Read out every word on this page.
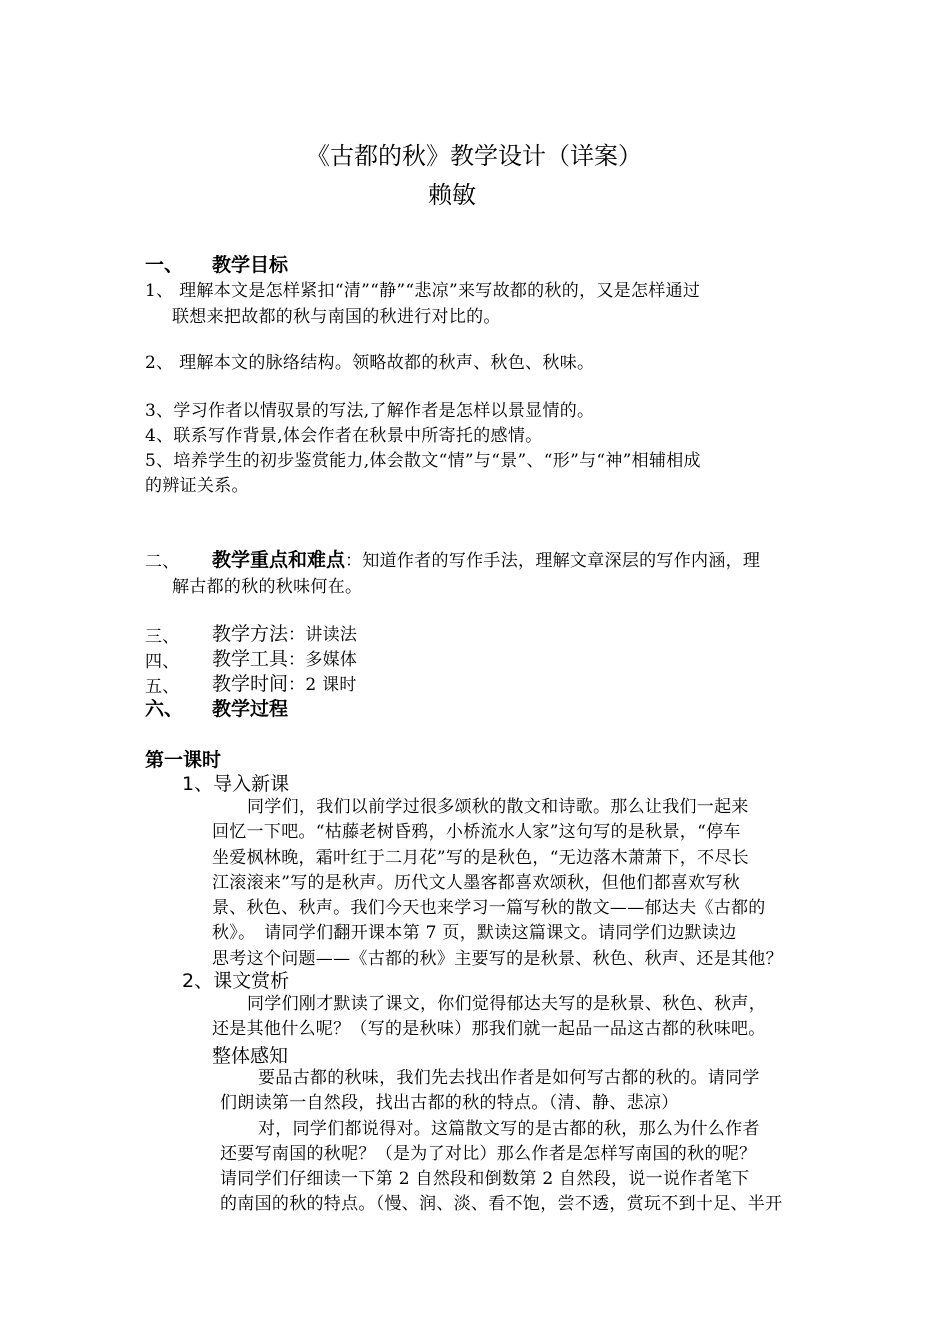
《古都的秋》教学设计（详案）
赖敏
一、 教学目标
1、 理解本文是怎样紧扣“清”“静”“悲凉”来写故都的秋的，又是怎样通过
联想来把故都的秋与南国的秋进行对比的。
2、 理解本文的脉络结构。领略故都的秋声、秋色、秋味。
3、学习作者以情驭景的写法,了解作者是怎样以景显情的。
4、联系写作背景,体会作者在秋景中所寄托的感情。
5、培养学生的初步鉴赏能力,体会散文“情”与“景”、“形”与“神”相辅相成
的辨证关系。
二、 教学重点和难点：知道作者的写作手法，理解文章深层的写作内涵，理
解古都的秋的秋味何在。
三、 教学方法：讲读法
四、 教学工具：多媒体
五、 教学时间：2 课时
六、 教学过程
第一课时
1、导入新课
同学们，我们以前学过很多颂秋的散文和诗歌。那么让我们一起来
回忆一下吧。“枯藤老树昏鸦，小桥流水人家”这句写的是秋景，“停车
坐爱枫林晚，霜叶红于二月花”写的是秋色，“无边落木萧萧下，不尽长
江滚滚来”写的是秋声。历代文人墨客都喜欢颂秋，但他们都喜欢写秋
景、秋色、秋声。我们今天也来学习一篇写秋的散文——郁达夫《古都的
秋》。　请同学们翻开课本第 7 页，默读这篇课文。请同学们边默读边
思考这个问题——《古都的秋》主要写的是秋景、秋色、秋声、还是其他？
2、课文赏析
同学们刚才默读了课文，你们觉得郁达夫写的是秋景、秋色、秋声，
还是其他什么呢？（写的是秋味）那我们就一起品一品这古都的秋味吧。
整体感知
要品古都的秋味，我们先去找出作者是如何写古都的秋的。请同学
们朗读第一自然段，找出古都的秋的特点。（清、静、悲凉）
对，同学们都说得对。这篇散文写的是古都的秋，那么为什么作者
还要写南国的秋呢？（是为了对比）那么作者是怎样写南国的秋的呢？
请同学们仔细读一下第 2 自然段和倒数第 2 自然段，说一说作者笔下
的南国的秋的特点。（慢、润、淡、看不饱，尝不透，赏玩不到十足、半开
